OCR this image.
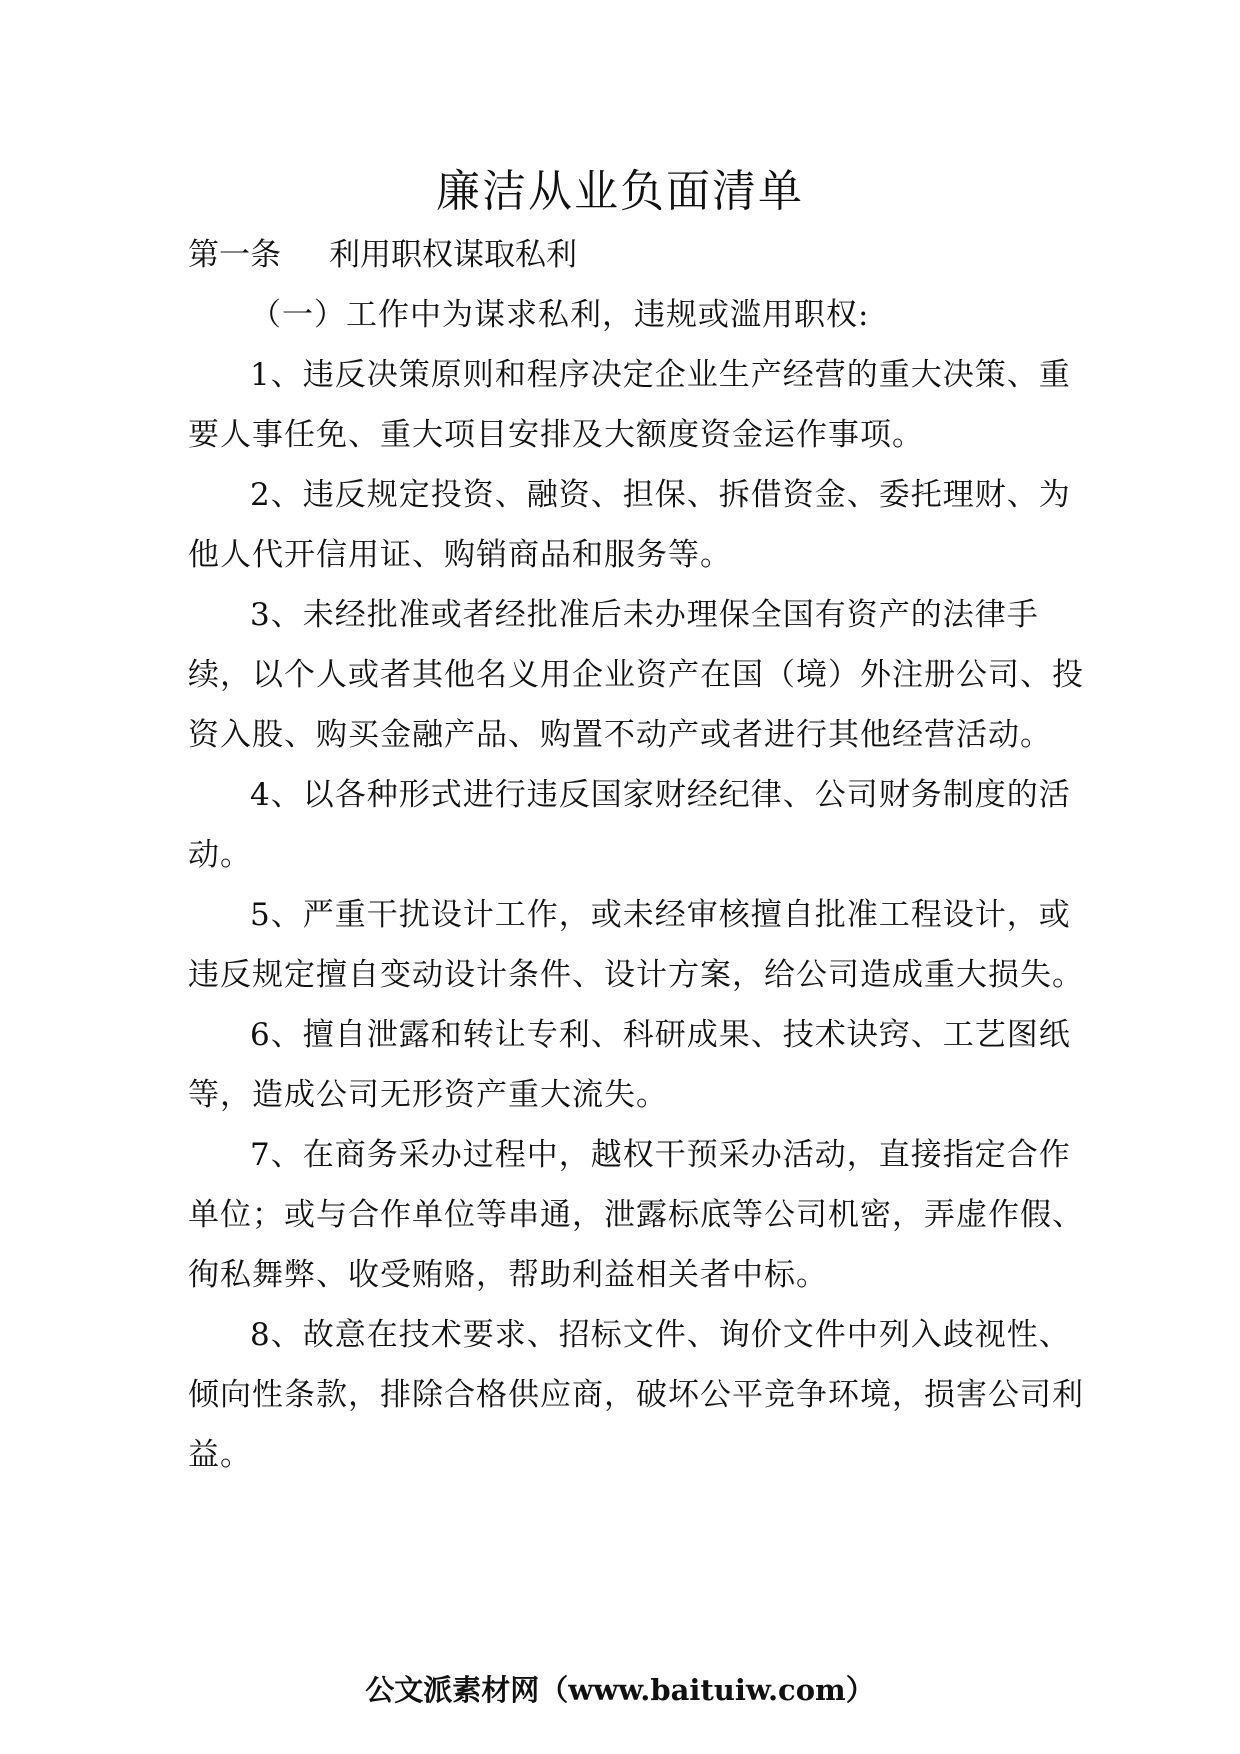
廉洁从业负面清单
第一条 利用职权谋取私利

（一）工作中为谋求私利，违规或滥用职权:

1、违反决策原则和程序决定企业生产经营的重大决策、重要人事任免、重大项目安排及大额度资金运作事项。

2、违反规定投资、融资、担保、拆借资金、委托理财、为他人代开信用证、购销商品和服务等。

3、未经批准或者经批准后未办理保全国有资产的法律手续，以个人或者其他名义用企业资产在国（境）外注册公司、投资入股、购买金融产品、购置不动产或者进行其他经营活动。

4、以各种形式进行违反国家财经纪律、公司财务制度的活动。

5、严重干扰设计工作，或未经审核擅自批准工程设计，或违反规定擅自变动设计条件、设计方案，给公司造成重大损失。

6、擅自泄露和转让专利、科研成果、技术诀窍、工艺图纸等，造成公司无形资产重大流失。

7、在商务采办过程中，越权干预采办活动，直接指定合作单位；或与合作单位等串通，泄露标底等公司机密，弄虚作假、徇私舞弊、收受贿赂，帮助利益相关者中标。

8、故意在技术要求、招标文件、询价文件中列入歧视性、倾向性条款，排除合格供应商，破坏公平竞争环境，损害公司利益。

公文派素材网（www.baituiw.com）
